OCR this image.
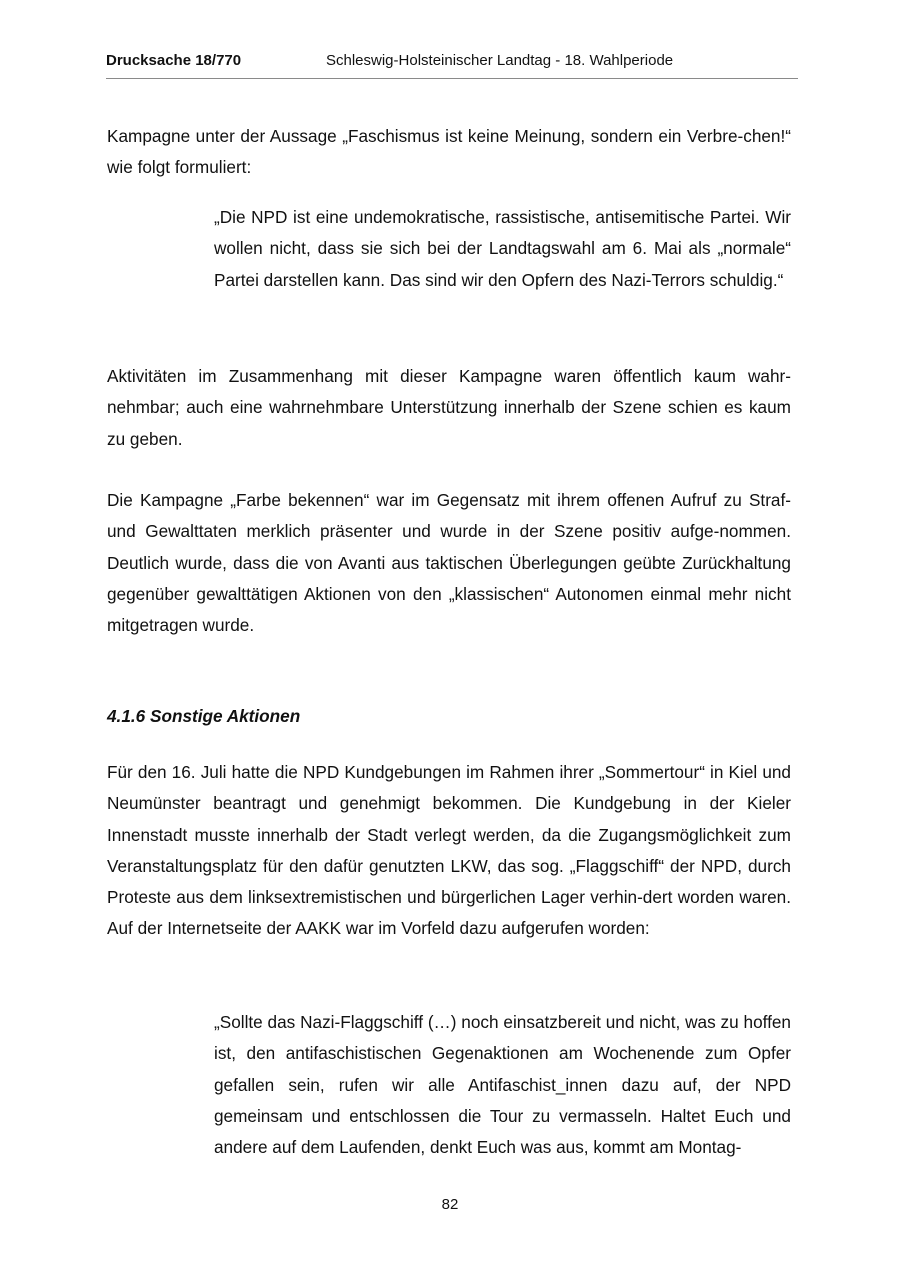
Drucksache 18/770	Schleswig-Holsteinischer Landtag - 18. Wahlperiode

Kampagne unter der Aussage „Faschismus ist keine Meinung, sondern ein Verbre-chen!“ wie folgt formuliert:

„Die NPD ist eine undemokratische, rassistische, antisemitische Partei. Wir wollen nicht, dass sie sich bei der Landtagswahl am 6. Mai als „normale“ Partei darstellen kann. Das sind wir den Opfern des Nazi-Terrors schuldig.“

Aktivitäten im Zusammenhang mit dieser Kampagne waren öffentlich kaum wahr-nehmbar; auch eine wahrnehmbare Unterstützung innerhalb der Szene schien es kaum zu geben.

Die Kampagne „Farbe bekennen“ war im Gegensatz mit ihrem offenen Aufruf zu Straf- und Gewalttaten merklich präsenter und wurde in der Szene positiv aufge-nommen. Deutlich wurde, dass die von Avanti aus taktischen Überlegungen geübte Zurückhaltung gegenüber gewalttätigen Aktionen von den „klassischen“ Autonomen einmal mehr nicht mitgetragen wurde.

4.1.6 Sonstige Aktionen

Für den 16. Juli hatte die NPD Kundgebungen im Rahmen ihrer „Sommertour“ in Kiel und Neumünster beantragt und genehmigt bekommen. Die Kundgebung in der Kieler Innenstadt musste innerhalb der Stadt verlegt werden, da die Zugangsmöglichkeit zum Veranstaltungsplatz für den dafür genutzten LKW, das sog. „Flaggschiff“ der NPD, durch Proteste aus dem linksextremistischen und bürgerlichen Lager verhin-dert worden waren. Auf der Internetseite der AAKK war im Vorfeld dazu aufgerufen worden:

„Sollte das Nazi-Flaggschiff (…) noch einsatzbereit und nicht, was zu hoffen ist, den antifaschistischen Gegenaktionen am Wochenende zum Opfer gefallen sein, rufen wir alle Antifaschist_innen dazu auf, der NPD gemeinsam und entschlossen die Tour zu vermasseln. Haltet Euch und andere auf dem Laufenden, denkt Euch was aus, kommt am Montag-

82
